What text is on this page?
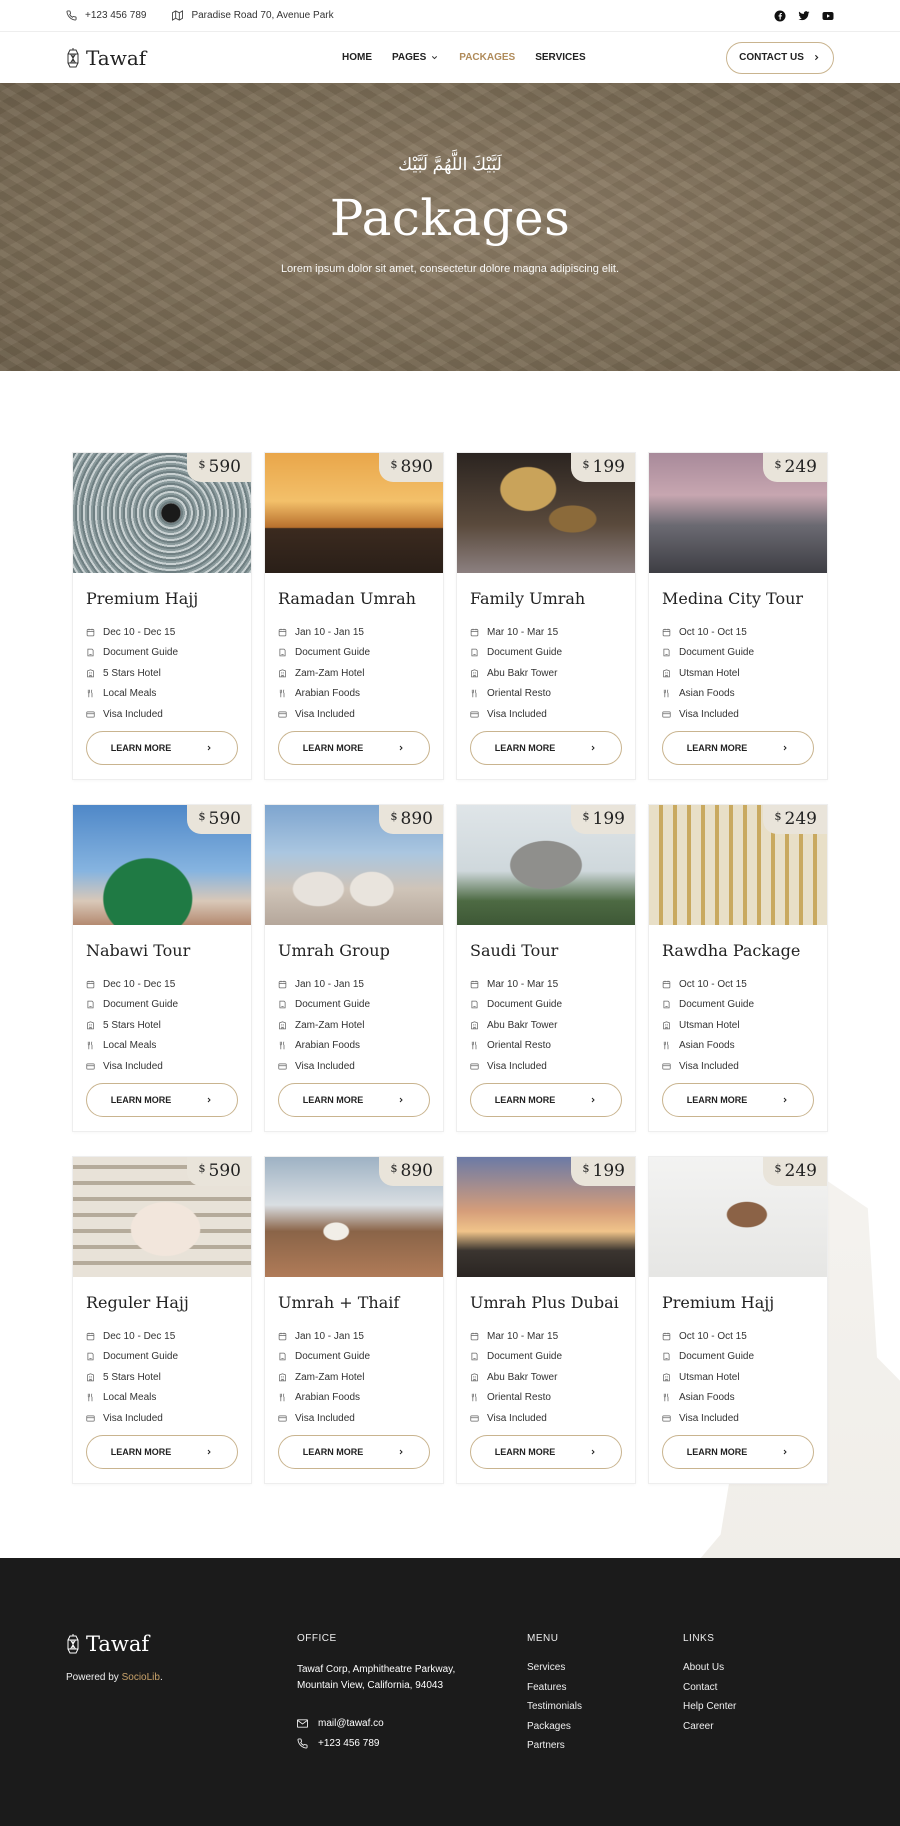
+123 456 789	Paradise Road 70, Avenue Park
Tawaf	HOME PAGES	PACKAGES SERVICES	CONTACT US
لَبَّيْكَ اللَّهُمَّ لَبَّيْك
Packages

Lorem ipsum dolor sit amet, consectetur dolore magna adipiscing elit.

$ 590
Premium Hajj
Dec 10 - Dec 15
Document Guide
5 Stars Hotel
Local Meals
Visa Included
LEARN MORE
$ 890
Ramadan Umrah
Jan 10 - Jan 15
Document Guide
Zam-Zam Hotel
Arabian Foods
Visa Included
LEARN MORE
$ 199
Family Umrah
Mar 10 - Mar 15
Document Guide
Abu Bakr Tower
Oriental Resto
Visa Included
LEARN MORE
$ 249
Medina City Tour
Oct 10 - Oct 15
Document Guide
Utsman Hotel
Asian Foods
Visa Included
LEARN MORE
$ 590
Nabawi Tour
Dec 10 - Dec 15
Document Guide
5 Stars Hotel
Local Meals
Visa Included
LEARN MORE
$ 890
Umrah Group
Jan 10 - Jan 15
Document Guide
Zam-Zam Hotel
Arabian Foods
Visa Included
LEARN MORE
$ 199
Saudi Tour
Mar 10 - Mar 15
Document Guide
Abu Bakr Tower
Oriental Resto
Visa Included
LEARN MORE
$ 249
Rawdha Package
Oct 10 - Oct 15
Document Guide
Utsman Hotel
Asian Foods
Visa Included
LEARN MORE
$ 590
Reguler Hajj
Dec 10 - Dec 15
Document Guide
5 Stars Hotel
Local Meals
Visa Included
LEARN MORE
$ 890
Umrah + Thaif
Jan 10 - Jan 15
Document Guide
Zam-Zam Hotel
Arabian Foods
Visa Included
LEARN MORE
$ 199
Umrah Plus Dubai
Mar 10 - Mar 15
Document Guide
Abu Bakr Tower
Oriental Resto
Visa Included
LEARN MORE
$ 249
Premium Hajj
Oct 10 - Oct 15
Document Guide
Utsman Hotel
Asian Foods
Visa Included
LEARN MORE
Tawaf
Powered by SocioLib.
OFFICE
Tawaf Corp, Amphitheatre Parkway,
Mountain View, California, 94043
mail@tawaf.co
+123 456 789
MENU
Services
Features
Testimonials
Packages
Partners
LINKS
About Us
Contact
Help Center
Career
